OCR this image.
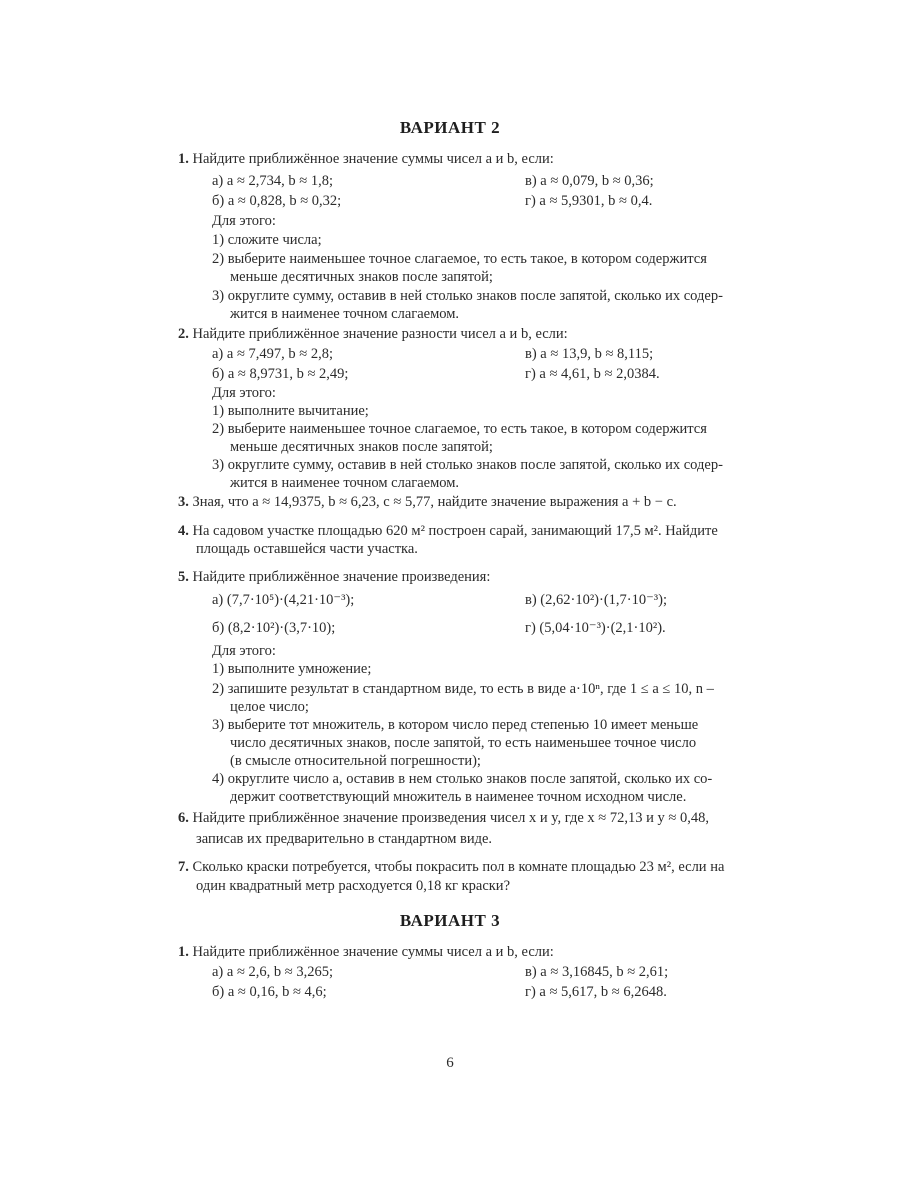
ВАРИАНТ 2
1. Найдите приближённое значение суммы чисел a и b, если:
а) a ≈ 2,734, b ≈ 1,8;	в) a ≈ 0,079, b ≈ 0,36;
б) a ≈ 0,828, b ≈ 0,32;	г) a ≈ 5,9301, b ≈ 0,4.
Для этого:
1) сложите числа;
2) выберите наименьшее точное слагаемое, то есть такое, в котором содержится
меньше десятичных знаков после запятой;
3) округлите сумму, оставив в ней столько знаков после запятой, сколько их содер-
жится в наименее точном слагаемом.
2. Найдите приближённое значение разности чисел a и b, если:
а) a ≈ 7,497, b ≈ 2,8;	в) a ≈ 13,9, b ≈ 8,115;
б) a ≈ 8,9731, b ≈ 2,49;	г) a ≈ 4,61, b ≈ 2,0384.
Для этого:
1) выполните вычитание;
2) выберите наименьшее точное слагаемое, то есть такое, в котором содержится
меньше десятичных знаков после запятой;
3) округлите сумму, оставив в ней столько знаков после запятой, сколько их содер-
жится в наименее точном слагаемом.
3. Зная, что a ≈ 14,9375, b ≈ 6,23, c ≈ 5,77, найдите значение выражения a + b − c.
4. На садовом участке площадью 620 м² построен сарай, занимающий 17,5 м². Найдите
площадь оставшейся части участка.
5. Найдите приближённое значение произведения:
а) (7,7·10⁵)·(4,21·10⁻³);	в) (2,62·10²)·(1,7·10⁻³);
б) (8,2·10²)·(3,7·10);	г) (5,04·10⁻³)·(2,1·10²).
Для этого:
1) выполните умножение;
2) запишите результат в стандартном виде, то есть в виде a·10ⁿ, где 1 ≤ a ≤ 10, n –
целое число;
3) выберите тот множитель, в котором число перед степенью 10 имеет меньше
число десятичных знаков, после запятой, то есть наименьшее точное число
(в смысле относительной погрешности);
4) округлите число a, оставив в нем столько знаков после запятой, сколько их со-
держит соответствующий множитель в наименее точном исходном числе.
6. Найдите приближённое значение произведения чисел x и y, где x ≈ 72,13 и y ≈ 0,48,
записав их предварительно в стандартном виде.
7. Сколько краски потребуется, чтобы покрасить пол в комнате площадью 23 м², если на
один квадратный метр расходуется 0,18 кг краски?
ВАРИАНТ 3
1. Найдите приближённое значение суммы чисел a и b, если:
а) a ≈ 2,6, b ≈ 3,265;	в) a ≈ 3,16845, b ≈ 2,61;
б) a ≈ 0,16, b ≈ 4,6;	г) a ≈ 5,617, b ≈ 6,2648.
6
